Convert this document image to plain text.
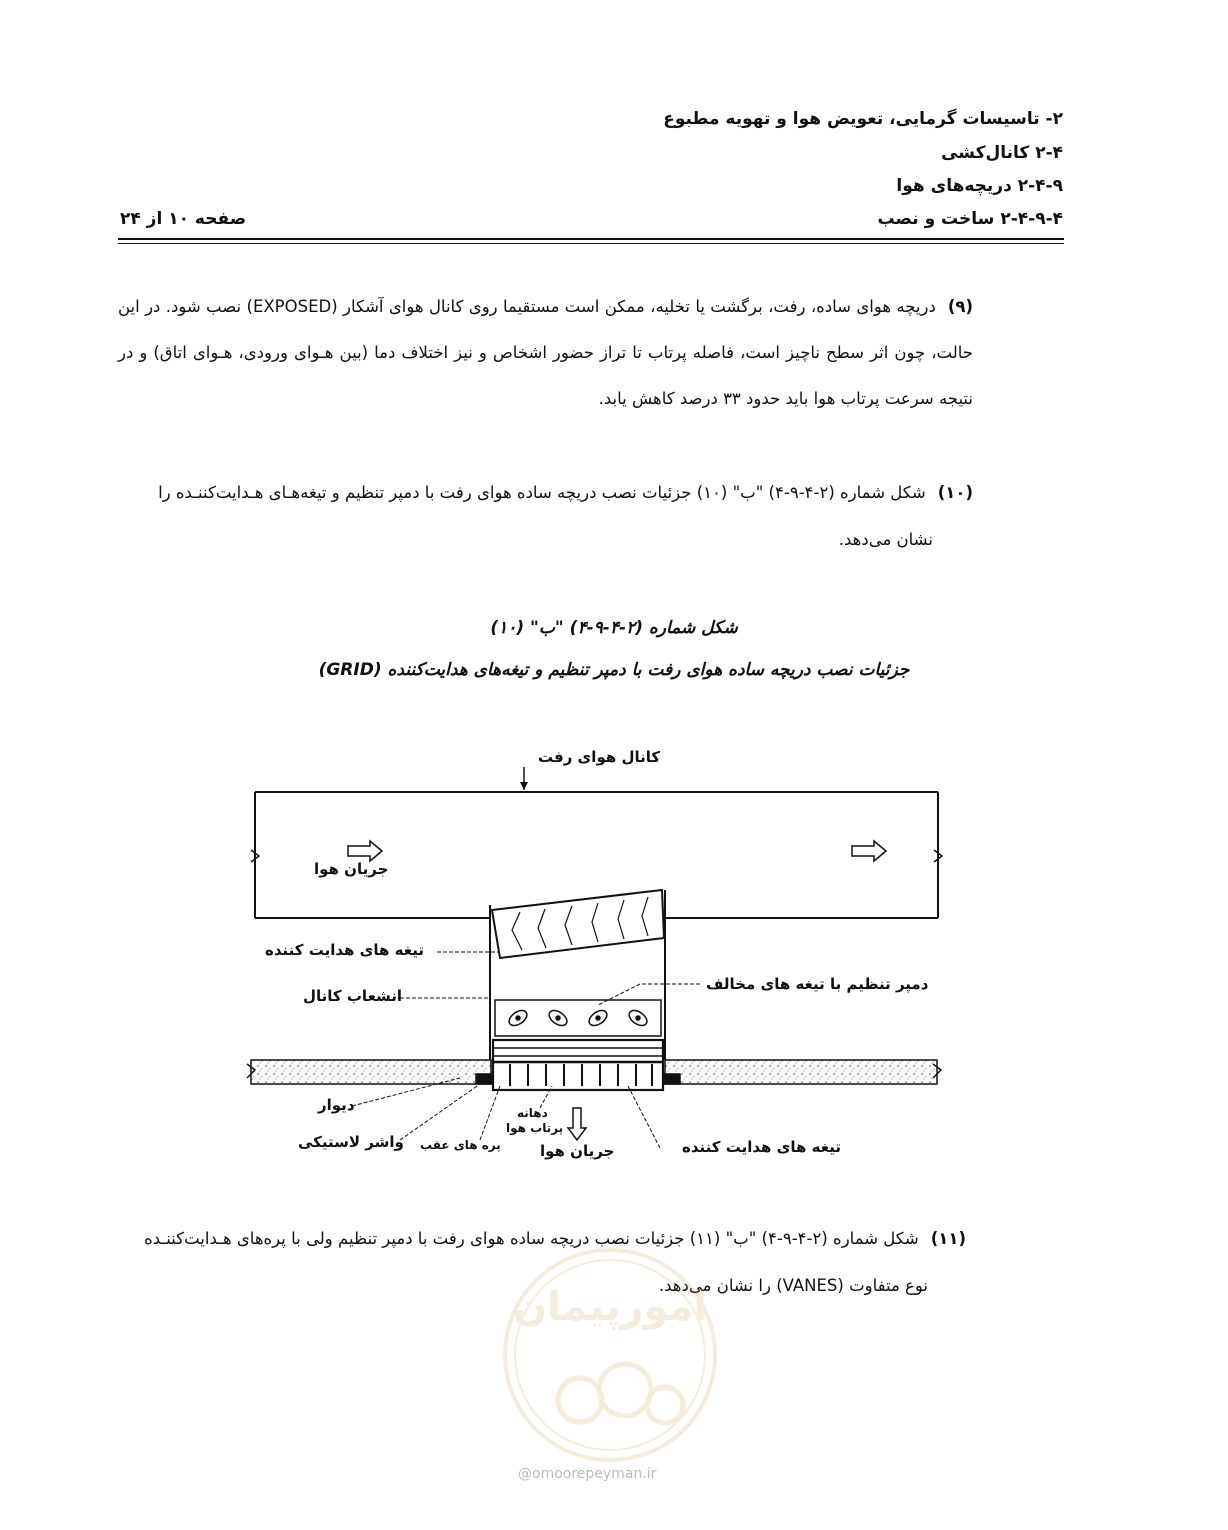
۲- تاسیسات گرمایی، تعویض هوا و تهویه مطبوع
۲-۴ کانال‌کشی
۲-۴-۹ دریچه‌های هوا
۲-۴-۹-۴ ساخت و نصب
صفحه ۱۰ از ۲۴
(۹)دریچه هوای ساده، رفت، برگشت یا تخلیه، ممکن است مستقیما روی کانال هوای آشکار (EXPOSED) نصب شود. در این حالت، چون اثر سطح ناچیز است، فاصله پرتاب تا تراز حضور اشخاص و نیز اختلاف دما (بین هـوای ورودی، هـوای اتاق) و در نتیجه سرعت پرتاب هوا باید حدود ۳۳ درصد کاهش یابد.
(۱۰)شکل شماره (۲-۴-۹-۴) "ب" (۱۰) جزئیات نصب دریچه ساده هوای رفت با دمپر تنظیم و تیغه‌هـای هـدایت‌کننـده را
نشان می‌دهد.
شکل شماره (۲-۴-۹-۴) "ب" (۱۰)
جزئیات نصب دریچه ساده هوای رفت با دمپر تنظیم و تیغه‌های هدایت‌کننده (GRID)
کانال هوای رفت
جریان هوا
تیغه های هدایت کننده
انشعاب کانال
دمپر تنظیم با تیغه های مخالف
دیوار
واشر لاستیکی پره های عقب
دهانه
پرتاب هوا
جریان هوا	تیغه های هدایت کننده
(۱۱)شکل شماره (۲-۴-۹-۴) "ب" (۱۱) جزئیات نصب دریچه ساده هوای رفت با دمپر تنظیم ولی با پره‌های هـدایت‌کننـده
نوع متفاوت (VANES) را نشان می‌دهد.
امورپیمان
@omoorepeyman.ir
